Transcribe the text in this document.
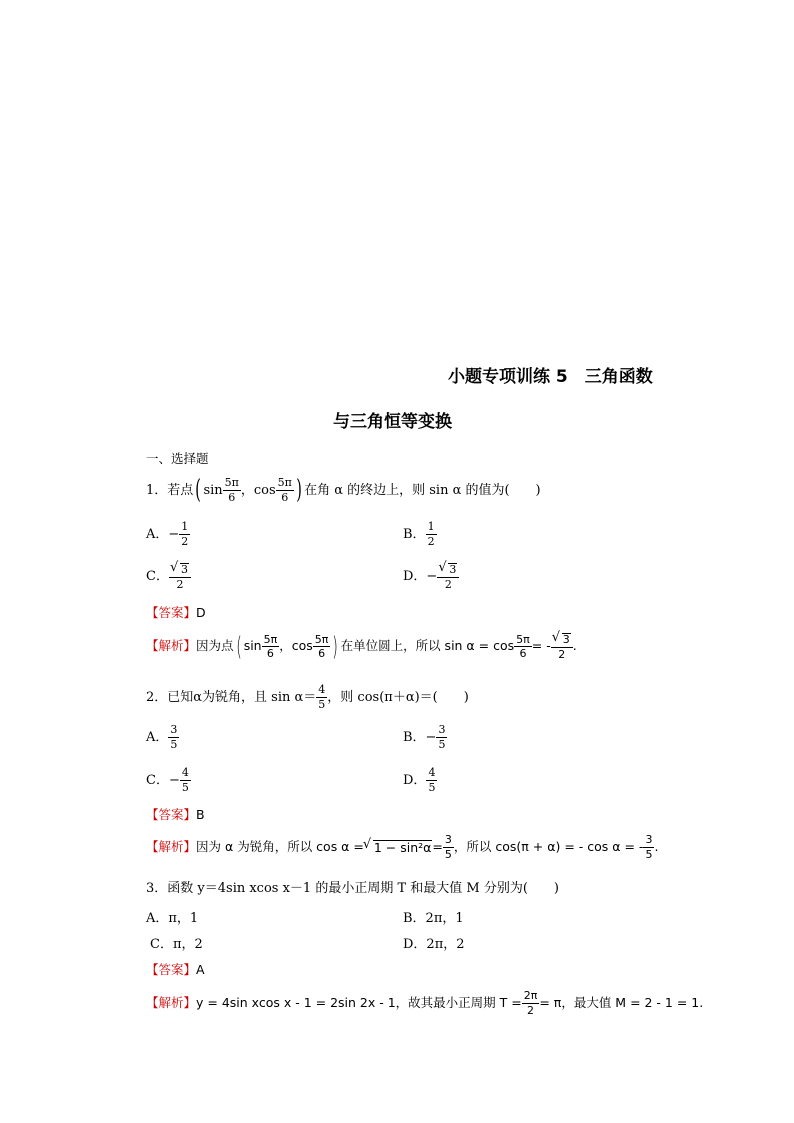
小题专项训练 5　三角函数
与三角恒等变换
一、选择题
1．若点 ( $\sin \frac{5\pi}{6}$ ， $\cos \frac{5\pi}{6}$ ) 在角 α 的终边上，则 sin α 的值为(　　)
A．− $\frac{1}{2}$	B． $\frac{1}{2}$
C． √ $\frac{3}{2}$	D．− √ $\frac{3}{2}$
【答案】D
【解析】 因为点 ( $\sin \frac{5\pi}{6}$ ， $\cos \frac{5\pi}{6}$ ) 在单位圆上，所以 $\sin \alpha = \cos \frac{5\pi}{6}$ = - √ $\frac{3}{2}$ .
2．已知α为锐角，且 $\sin \alpha= \frac{4}{5}$ ，则 cos(π＋α)＝(　　)
A． $\frac{3}{5}$	B．− $\frac{3}{5}$
C．− $\frac{4}{5}$	D． $\frac{4}{5}$
【答案】B
【解析】 因为 α 为锐角，所以 cos α = √ $1 - \sin^2\alpha = \frac{3}{5}$ ，所以 cos(π + α) = - cos α = - $\frac{3}{5}$ .
3．函数 y＝4sin xcos x－1 的最小正周期 T 和最大值 M 分别为(　　)
A．π，1	B．2π，1
C．π，2	D．2π，2
【答案】A
【解析】 y = 4sin xcos x - 1 = 2sin 2x - 1，故其最小正周期 $T = \frac{2\pi}{2} = \pi$，最大值 M = 2 - 1 = 1.
